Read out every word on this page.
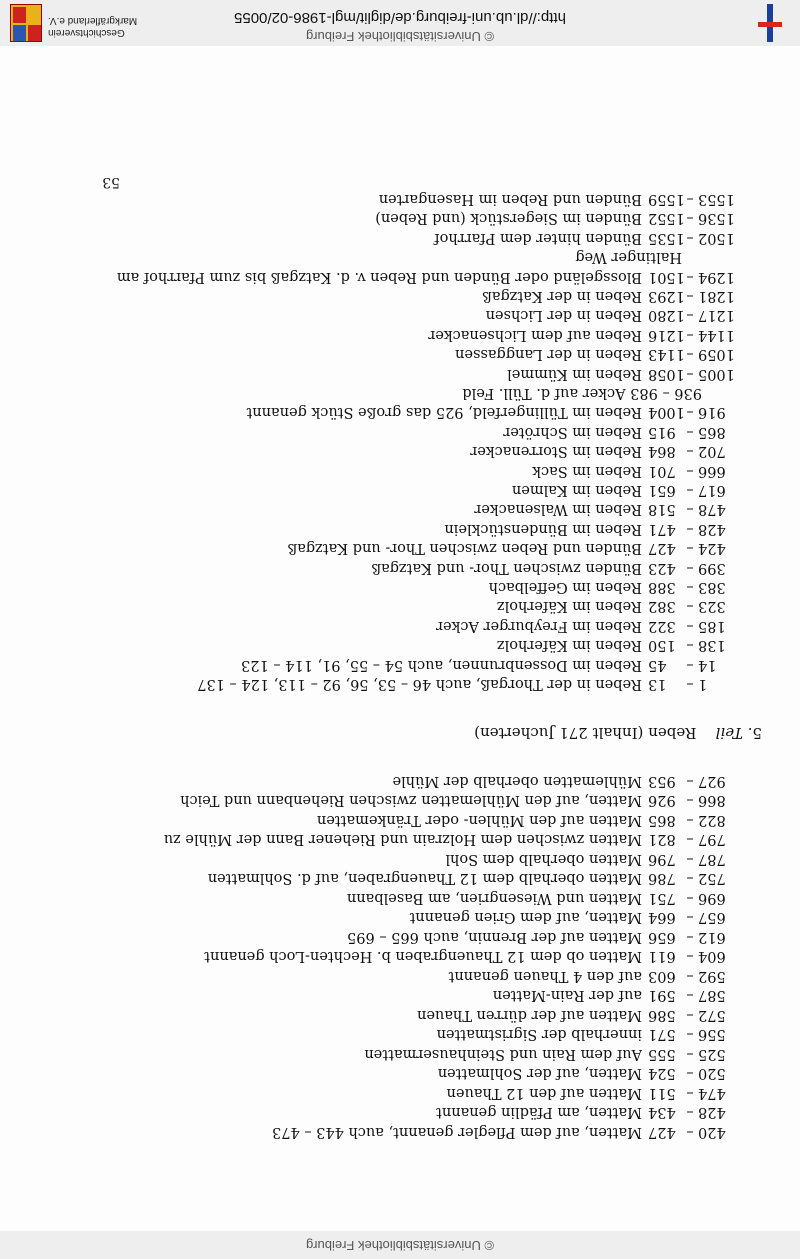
© Universitätsbibliothek Freiburg
420
–
427
Matten, auf dem Pflegler genannt, auch 443 – 473
428
–
434
Matten, am Pfädlin genannt
474
–
511
Matten auf den 12 Thauen
520
–
524
Matten, auf der Sohlmatten
525
–
555
Auf dem Rain und Steinhausermatten
556
–
571
innerhalb der Sigristmatten
572
–
586
Matten auf der dürren Thauen
587
–
591
auf der Rain-Matten
592
–
603
auf den 4 Thauen genannt
604
–
611
Matten ob dem 12 Thauengraben b. Hechten-Loch genannt
612
–
656
Matten auf der Brennin, auch 665 – 695
657
–
664
Matten, auf dem Grien genannt
696
–
751
Matten und Wiesengrien, am Baselbann
752
–
786
Matten oberhalb dem 12 Thauengraben, auf d. Sohlmatten
787
–
796
Matten oberhalb dem Sohl
797
–
821
Matten zwischen dem Holzrain und Riehener Bann der Mühle zu
822
–
865
Matten auf den Mühlen- oder Tränkematten
866
–
926
Matten, auf den Mühlematten zwischen Riehenbann und Teich
927
–
953
Mühlematten oberhalb der Mühle
5. Teil    Reben (Inhalt 271 Jucherten)
1
–
13
Reben in der Thorgaß, auch 46 – 53, 56, 92 – 113, 124 – 137
14
–
45
Reben im Dossenbrunnen, auch 54 – 55, 91, 114 – 123
138
–
150
Reben im Käferholz
185
–
322
Reben im Freyburger Acker
323
–
382
Reben im Käferholz
383
–
388
Reben im Geffelbach
399
–
423
Bünden zwischen Thor- und Katzgaß
424
–
427
Bünden und Reben zwischen Thor- und Katzgaß
428
–
471
Reben im Bündenstücklein
478
–
518
Reben im Walsenacker
617
–
651
Reben im Kalmen
666
–
701
Reben im Sack
702
–
864
Reben im Storrenacker
865
–
915
Reben im Schröter
916
–
1004
Reben im Tüllingerfeld, 925 das große Stück genannt
936 – 983 Acker auf d. Tüll. Feld
1005
–
1058
Reben im Kümmel
1059
–
1143
Reben in der Langgassen
1144
–
1216
Reben auf dem Lichsenacker
1217
–
1280
Reben in der Lichsen
1281
–
1293
Reben in der Katzgaß
1294
–
1501
Blossgeländ oder Bünden und Reben v. d. Katzgaß bis zum Pfarrhof am
Haltinger Weg
1502
–
1535
Bünden hinter dem Pfarrhof
1536
–
1552
Bünden im Siegerstück (und Reben)
1553
–
1559
Bünden und Reben im Hasengarten
53
© Universitätsbibliothek Freiburg
http://dl.ub.uni-freiburg.de/diglit/mgl-1986-02/0055
Geschichtsverein
Markgräflerland e.V.
